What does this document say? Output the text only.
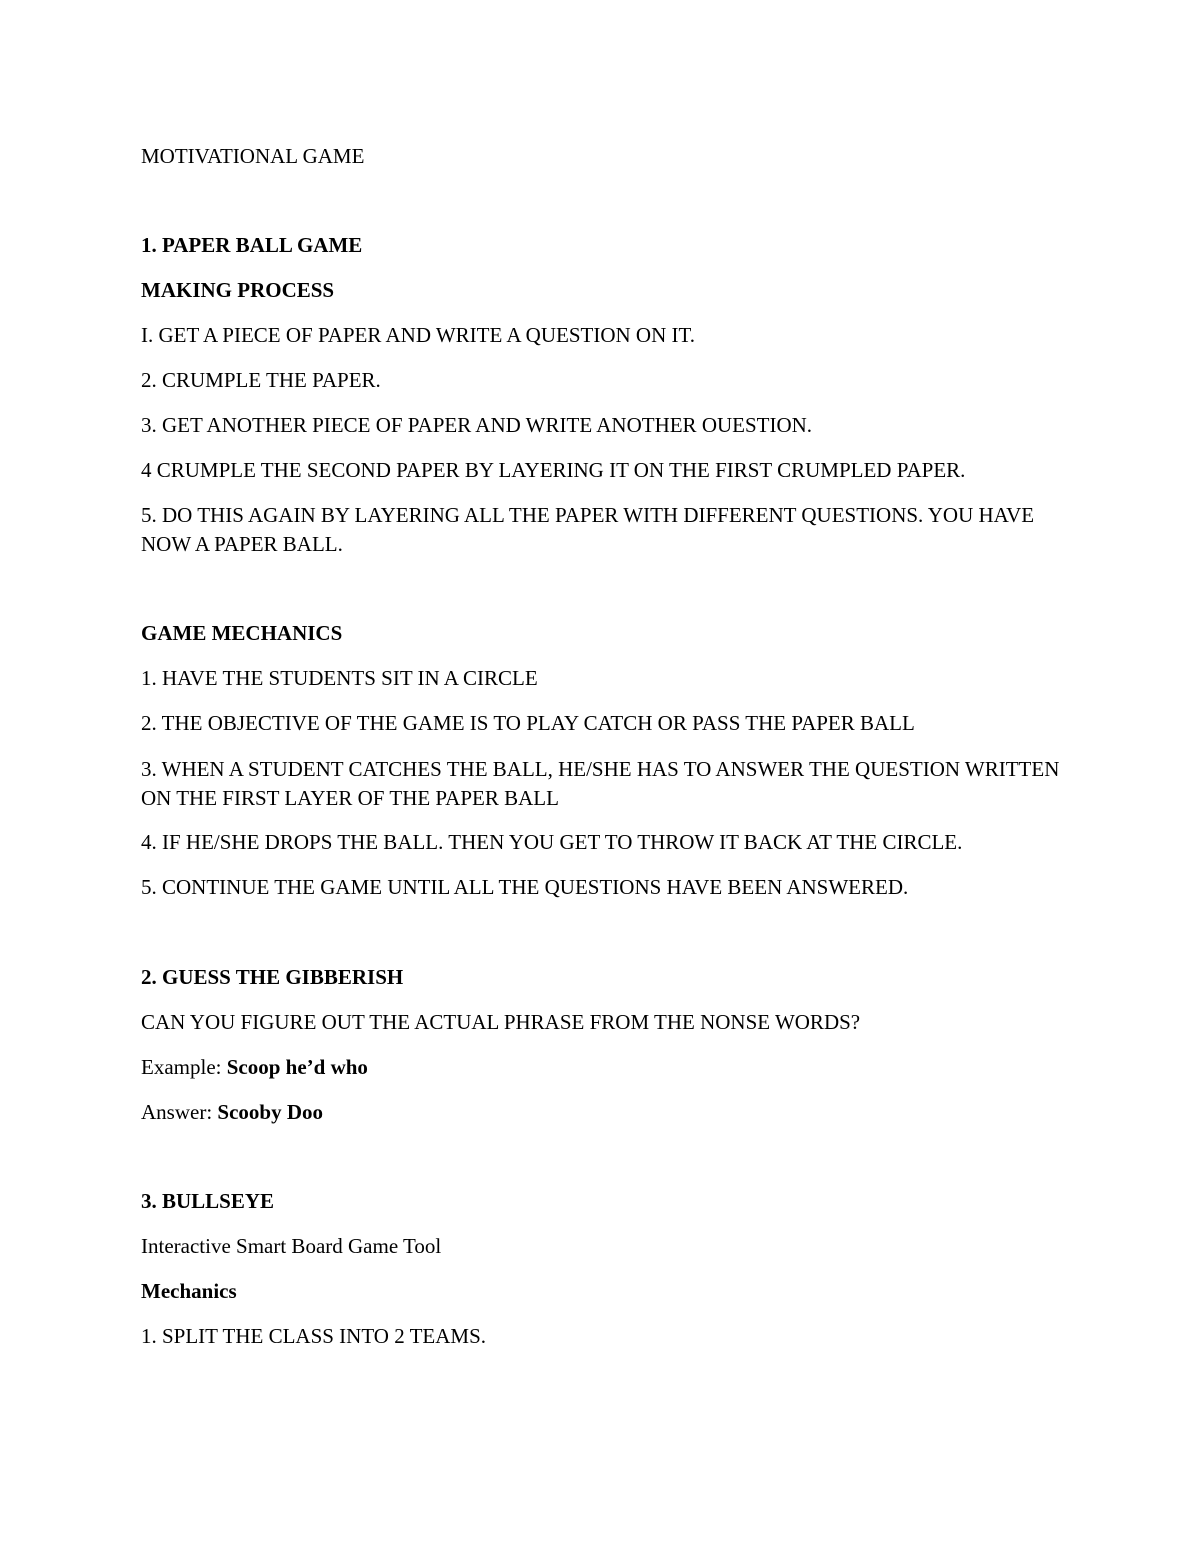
MOTIVATIONAL GAME

1. PAPER BALL GAME

MAKING PROCESS

I. GET A PIECE OF PAPER AND WRITE A QUESTION ON IT.

2. CRUMPLE THE PAPER.

3. GET ANOTHER PIECE OF PAPER AND WRITE ANOTHER OUESTION.

4 CRUMPLE THE SECOND PAPER BY LAYERING IT ON THE FIRST CRUMPLED PAPER.

5. DO THIS AGAIN BY LAYERING ALL THE PAPER WITH DIFFERENT QUESTIONS. YOU HAVE NOW A PAPER BALL.

GAME MECHANICS

1. HAVE THE STUDENTS SIT IN A CIRCLE

2. THE OBJECTIVE OF THE GAME IS TO PLAY CATCH OR PASS THE PAPER BALL

3. WHEN A STUDENT CATCHES THE BALL, HE/SHE HAS TO ANSWER THE QUESTION WRITTEN ON THE FIRST LAYER OF THE PAPER BALL

4. IF HE/SHE DROPS THE BALL. THEN YOU GET TO THROW IT BACK AT THE CIRCLE.

5. CONTINUE THE GAME UNTIL ALL THE QUESTIONS HAVE BEEN ANSWERED.

2. GUESS THE GIBBERISH

CAN YOU FIGURE OUT THE ACTUAL PHRASE FROM THE NONSE WORDS?

Example: Scoop he’d who

Answer: Scooby Doo

3. BULLSEYE

Interactive Smart Board Game Tool

Mechanics

1. SPLIT THE CLASS INTO 2 TEAMS.
